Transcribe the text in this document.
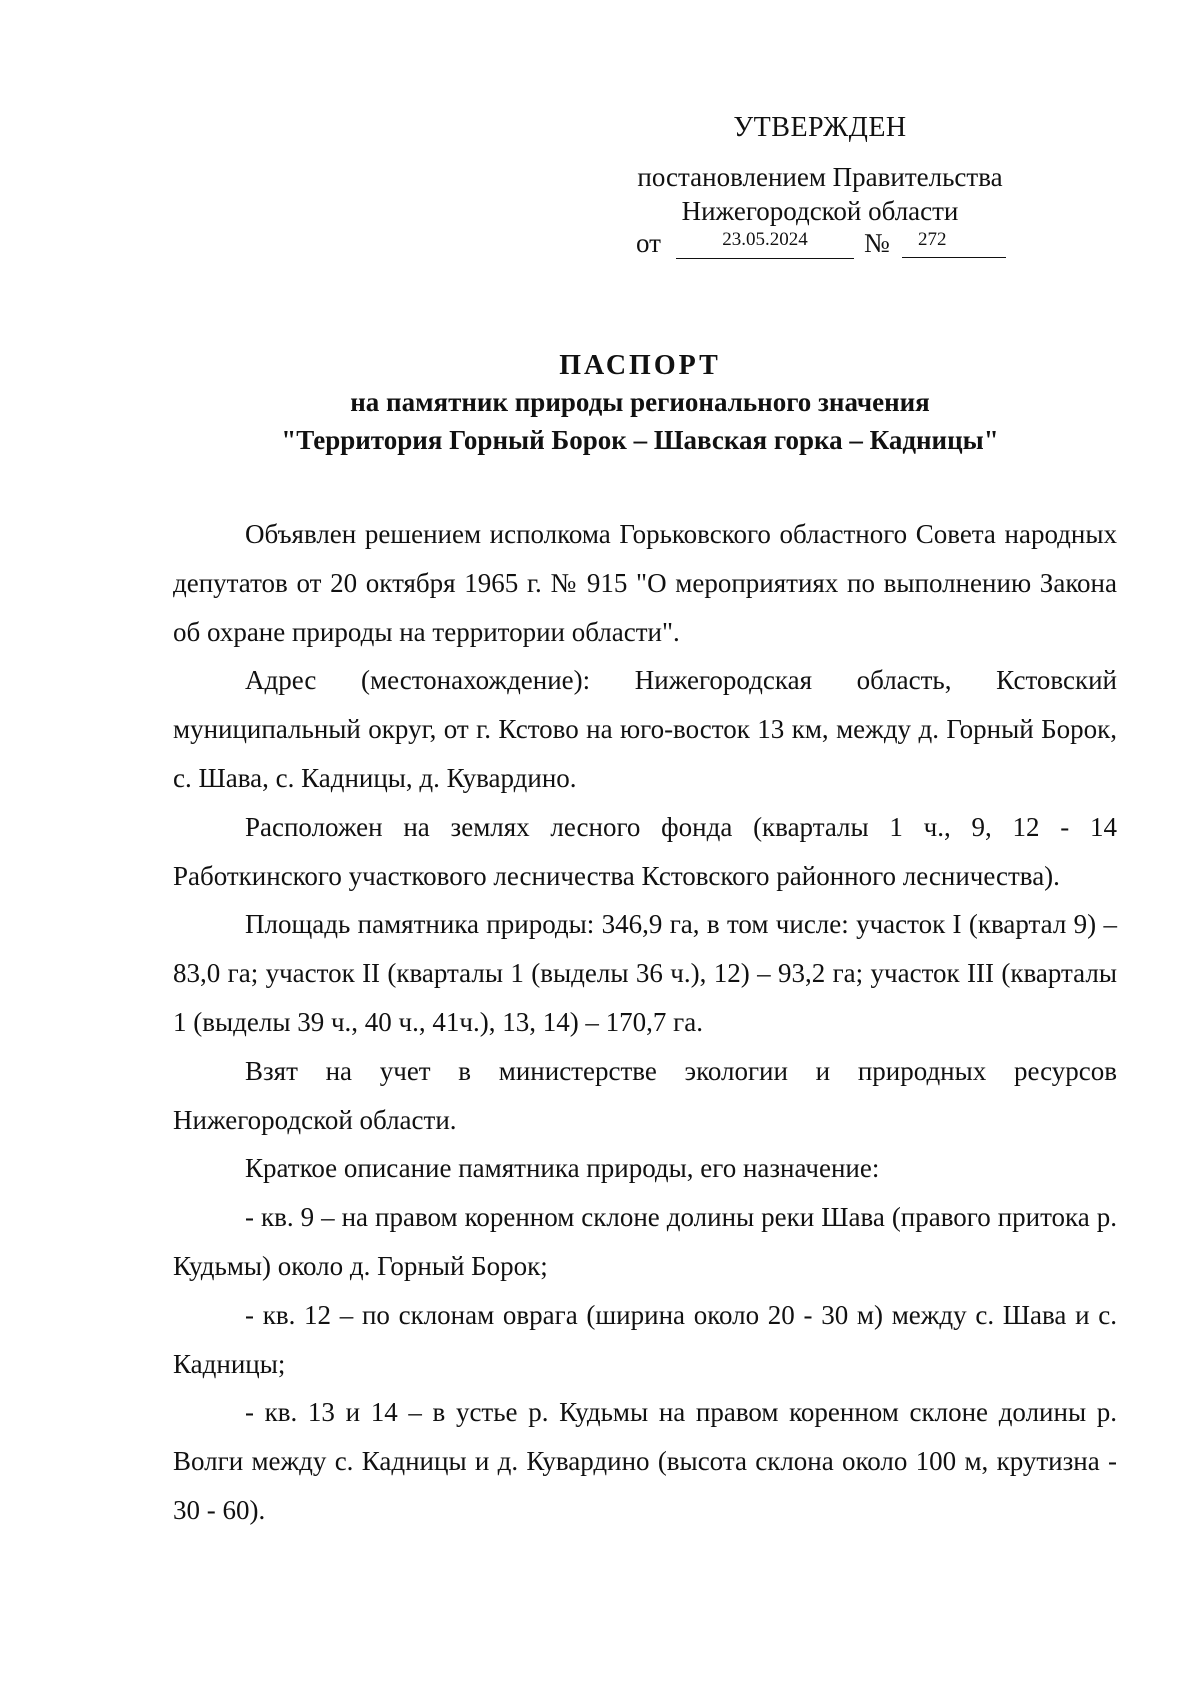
УТВЕРЖДЕН
постановлением Правительства
Нижегородской области
от	23.05.2024	№	272
ПАСПОРТ
на памятник природы регионального значения
"Территория Горный Борок – Шавская горка – Кадницы"

Объявлен решением исполкома Горьковского областного Совета народных депутатов от 20 октября 1965 г. № 915 "О мероприятиях по выполнению Закона об охране природы на территории области".

Адрес (местонахождение): Нижегородская область, Кстовский муниципальный округ, от г. Кстово на юго-восток 13 км, между д. Горный Борок, с. Шава, с. Кадницы, д. Кувардино.

Расположен на землях лесного фонда (кварталы 1 ч., 9, 12 - 14 Работкинского участкового лесничества Кстовского районного лесничества).

Площадь памятника природы: 346,9 га, в том числе: участок I (квартал 9) – 83,0 га; участок II (кварталы 1 (выделы 36 ч.), 12) – 93,2 га; участок III (кварталы 1 (выделы 39 ч., 40 ч., 41ч.), 13, 14) – 170,7 га.

Взят на учет в министерстве экологии и природных ресурсов Нижегородской области.

Краткое описание памятника природы, его назначение:

- кв. 9 – на правом коренном склоне долины реки Шава (правого притока р. Кудьмы) около д. Горный Борок;

- кв. 12 – по склонам оврага (ширина около 20 - 30 м) между с. Шава и с. Кадницы;

- кв. 13 и 14 – в устье р. Кудьмы на правом коренном склоне долины р. Волги между с. Кадницы и д. Кувардино (высота склона около 100 м, крутизна - 30 - 60).
